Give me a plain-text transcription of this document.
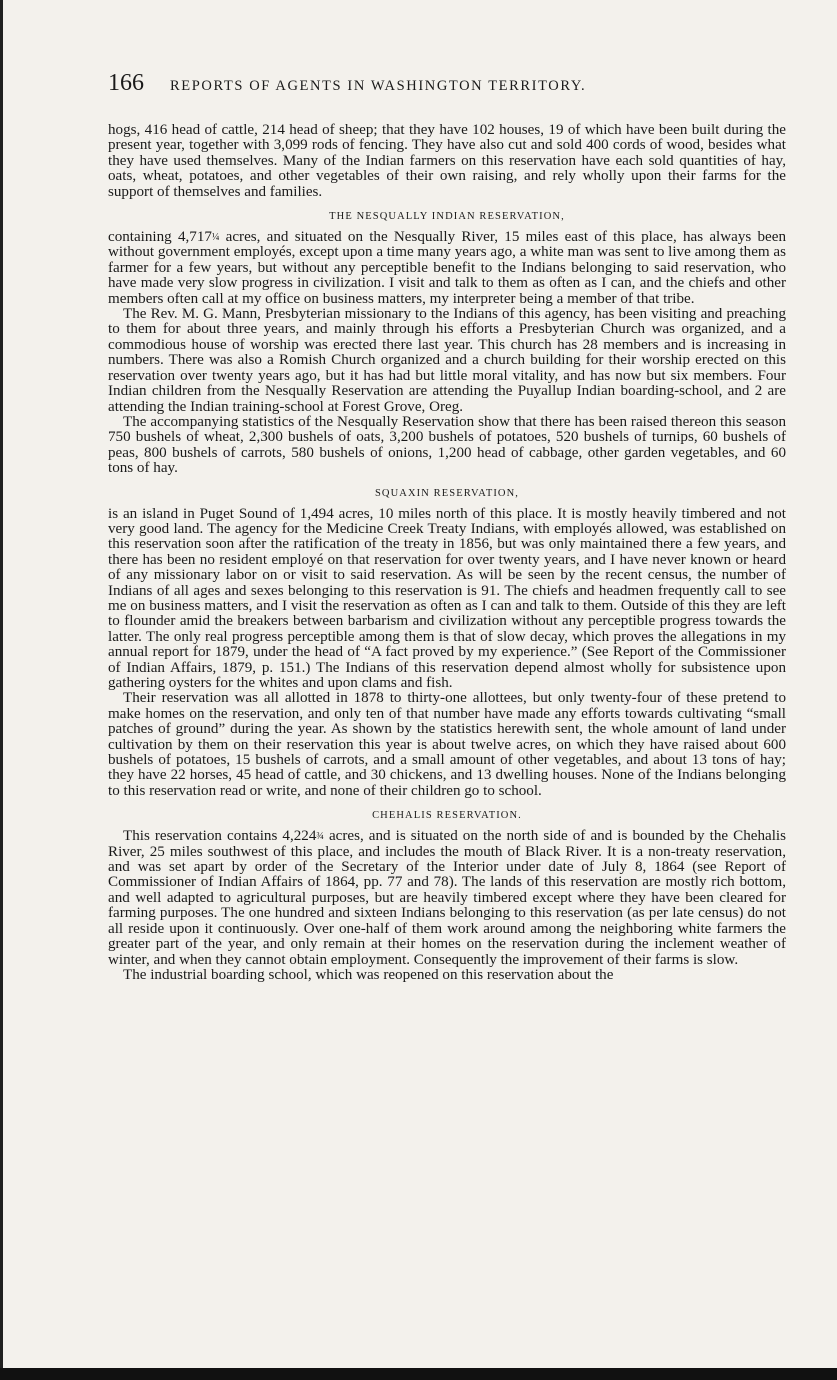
166 REPORTS OF AGENTS IN WASHINGTON TERRITORY.

hogs, 416 head of cattle, 214 head of sheep; that they have 102 houses, 19 of which have been built during the present year, together with 3,099 rods of fencing. They have also cut and sold 400 cords of wood, besides what they have used themselves. Many of the Indian farmers on this reservation have each sold quantities of hay, oats, wheat, potatoes, and other vegetables of their own raising, and rely wholly upon their farms for the support of themselves and families.

THE NESQUALLY INDIAN RESERVATION,

containing 4,717¼ acres, and situated on the Nesqually River, 15 miles east of this place, has always been without government employés, except upon a time many years ago, a white man was sent to live among them as farmer for a few years, but without any perceptible benefit to the Indians belonging to said reservation, who have made very slow progress in civilization. I visit and talk to them as often as I can, and the chiefs and other members often call at my office on business matters, my interpreter being a member of that tribe.

The Rev. M. G. Mann, Presbyterian missionary to the Indians of this agency, has been visiting and preaching to them for about three years, and mainly through his efforts a Presbyterian Church was organized, and a commodious house of worship was erected there last year. This church has 28 members and is increasing in numbers. There was also a Romish Church organized and a church building for their worship erected on this reservation over twenty years ago, but it has had but little moral vitality, and has now but six members. Four Indian children from the Nesqually Reservation are attending the Puyallup Indian boarding-school, and 2 are attending the Indian training-school at Forest Grove, Oreg.

The accompanying statistics of the Nesqually Reservation show that there has been raised thereon this season 750 bushels of wheat, 2,300 bushels of oats, 3,200 bushels of potatoes, 520 bushels of turnips, 60 bushels of peas, 800 bushels of carrots, 580 bushels of onions, 1,200 head of cabbage, other garden vegetables, and 60 tons of hay.

SQUAXIN RESERVATION,

is an island in Puget Sound of 1,494 acres, 10 miles north of this place. It is mostly heavily timbered and not very good land. The agency for the Medicine Creek Treaty Indians, with employés allowed, was established on this reservation soon after the ratification of the treaty in 1856, but was only maintained there a few years, and there has been no resident employé on that reservation for over twenty years, and I have never known or heard of any missionary labor on or visit to said reservation. As will be seen by the recent census, the number of Indians of all ages and sexes belonging to this reservation is 91. The chiefs and headmen frequently call to see me on business matters, and I visit the reservation as often as I can and talk to them. Outside of this they are left to flounder amid the breakers between barbarism and civilization without any perceptible progress towards the latter. The only real progress perceptible among them is that of slow decay, which proves the allegations in my annual report for 1879, under the head of “A fact proved by my experience.” (See Report of the Commissioner of Indian Affairs, 1879, p. 151.) The Indians of this reservation depend almost wholly for subsistence upon gathering oysters for the whites and upon clams and fish.

Their reservation was all allotted in 1878 to thirty-one allottees, but only twenty-four of these pretend to make homes on the reservation, and only ten of that number have made any efforts towards cultivating “small patches of ground” during the year. As shown by the statistics herewith sent, the whole amount of land under cultivation by them on their reservation this year is about twelve acres, on which they have raised about 600 bushels of potatoes, 15 bushels of carrots, and a small amount of other vegetables, and about 13 tons of hay; they have 22 horses, 45 head of cattle, and 30 chickens, and 13 dwelling houses. None of the Indians belonging to this reservation read or write, and none of their children go to school.

CHEHALIS RESERVATION.

This reservation contains 4,224¾ acres, and is situated on the north side of and is bounded by the Chehalis River, 25 miles southwest of this place, and includes the mouth of Black River. It is a non-treaty reservation, and was set apart by order of the Secretary of the Interior under date of July 8, 1864 (see Report of Commissioner of Indian Affairs of 1864, pp. 77 and 78). The lands of this reservation are mostly rich bottom, and well adapted to agricultural purposes, but are heavily timbered except where they have been cleared for farming purposes. The one hundred and sixteen Indians belonging to this reservation (as per late census) do not all reside upon it continuously. Over one-half of them work around among the neighboring white farmers the greater part of the year, and only remain at their homes on the reservation during the inclement weather of winter, and when they cannot obtain employment. Consequently the improvement of their farms is slow.

The industrial boarding school, which was reopened on this reservation about the
